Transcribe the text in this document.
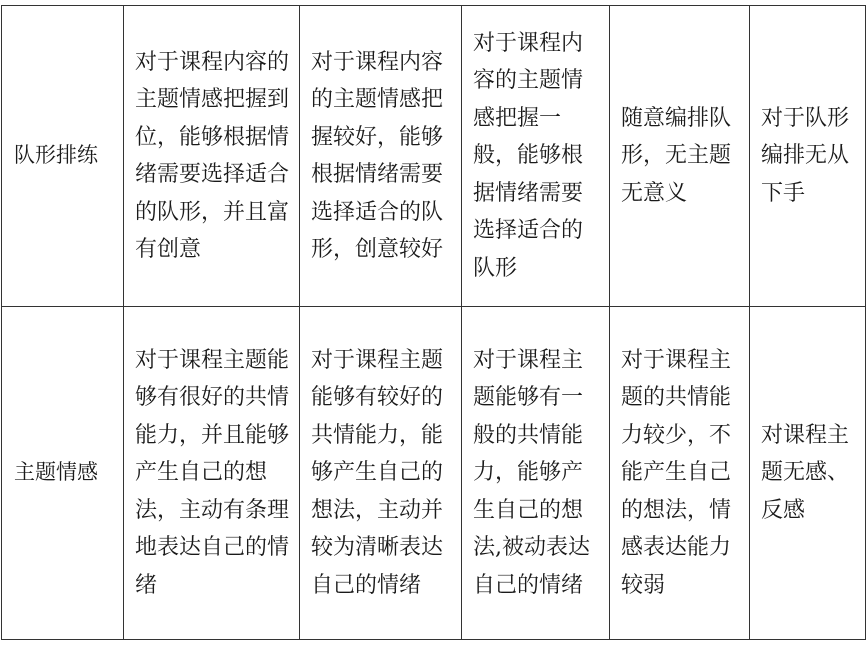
队形排练	对于课程内容的主题情感把握到位，能够根据情绪需要选择适合的队形，并且富有创意	对于课程内容的主题情感把握较好，能够根据情绪需要选择适合的队形，创意较好	对于课程内容的主题情感把握一般，能够根据情绪需要选择适合的队形	随意编排队形，无主题无意义	对于队形编排无从下手
主题情感	对于课程主题能够有很好的共情能力，并且能够产生自己的想法，主动有条理地表达自己的情绪	对于课程主题能够有较好的共情能力，能够产生自己的想法，主动并较为清晰表达自己的情绪	对于课程主题能够有一般的共情能力，能够产生自己的想法,被动表达自己的情绪	对于课程主题的共情能力较少，不能产生自己的想法，情感表达能力较弱	对课程主题无感、反感
